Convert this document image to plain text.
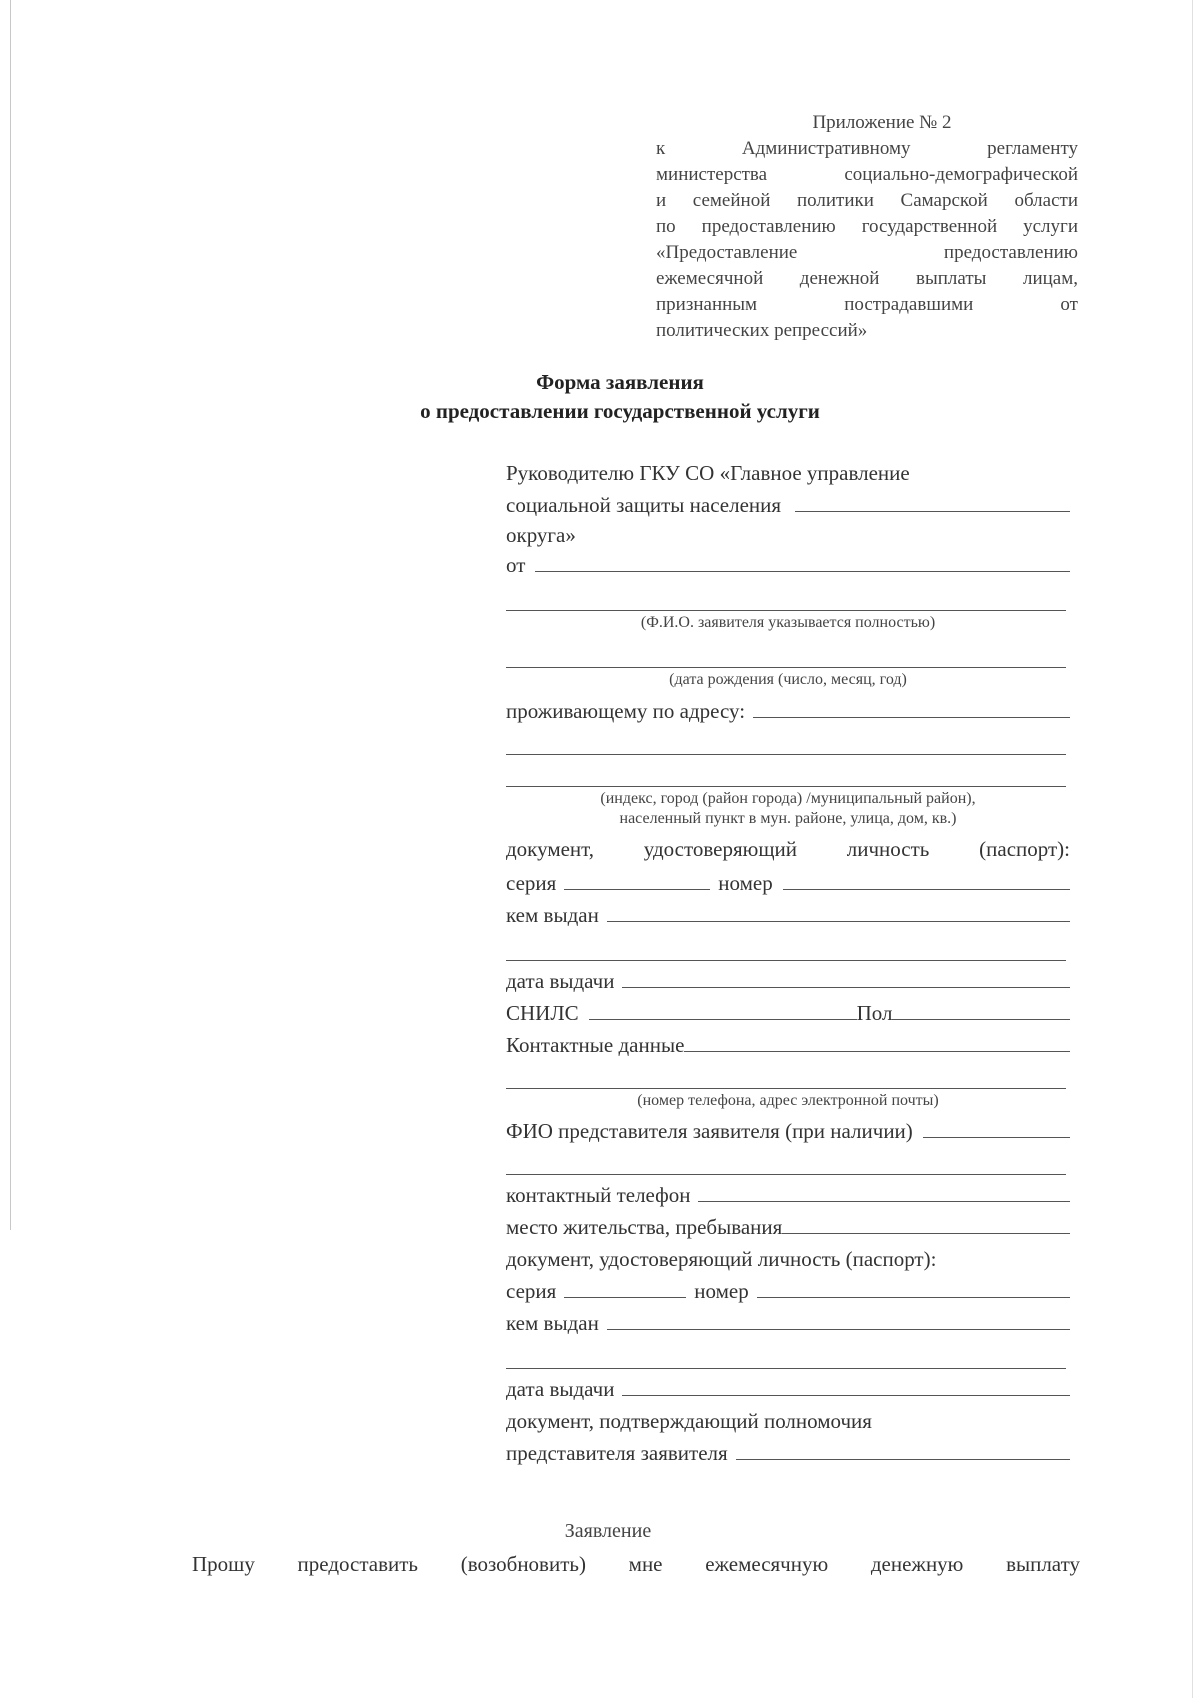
Приложение № 2
к Административному регламенту
министерства социально-демографической
и семейной политики Самарской области
по предоставлению государственной услуги
«Предоставление предоставлению
ежемесячной денежной выплаты лицам,
признанным пострадавшими от
политических репрессий»
Форма заявления
о предоставлении государственной услуги
Руководителю ГКУ СО «Главное управлениe
социальной защиты населения
округа»
от
(Ф.И.О. заявителя указывается полностью)
(дата рождения (число, месяц, год)
проживающему по адресу:
(индекс, город (район города) /муниципальный район),
населенный пункт в мун. районе, улица, дом, кв.)
документ, удостоверяющий личность (паспорт):
серия	номер
кем выдан
дата выдачи
СНИЛС	Пол
Контактные данные
(номер телефона, адрес электронной почты)
ФИО представителя заявителя (при наличии)
контактный телефон
место жительства, пребывания
документ, удостоверяющий личность (паспорт):
серия	номер
кем выдан
дата выдачи
документ, подтверждающий полномочия
представителя заявителя
Заявление
Прошу предоставить (возобновить) мне ежемесячную денежную выплату
